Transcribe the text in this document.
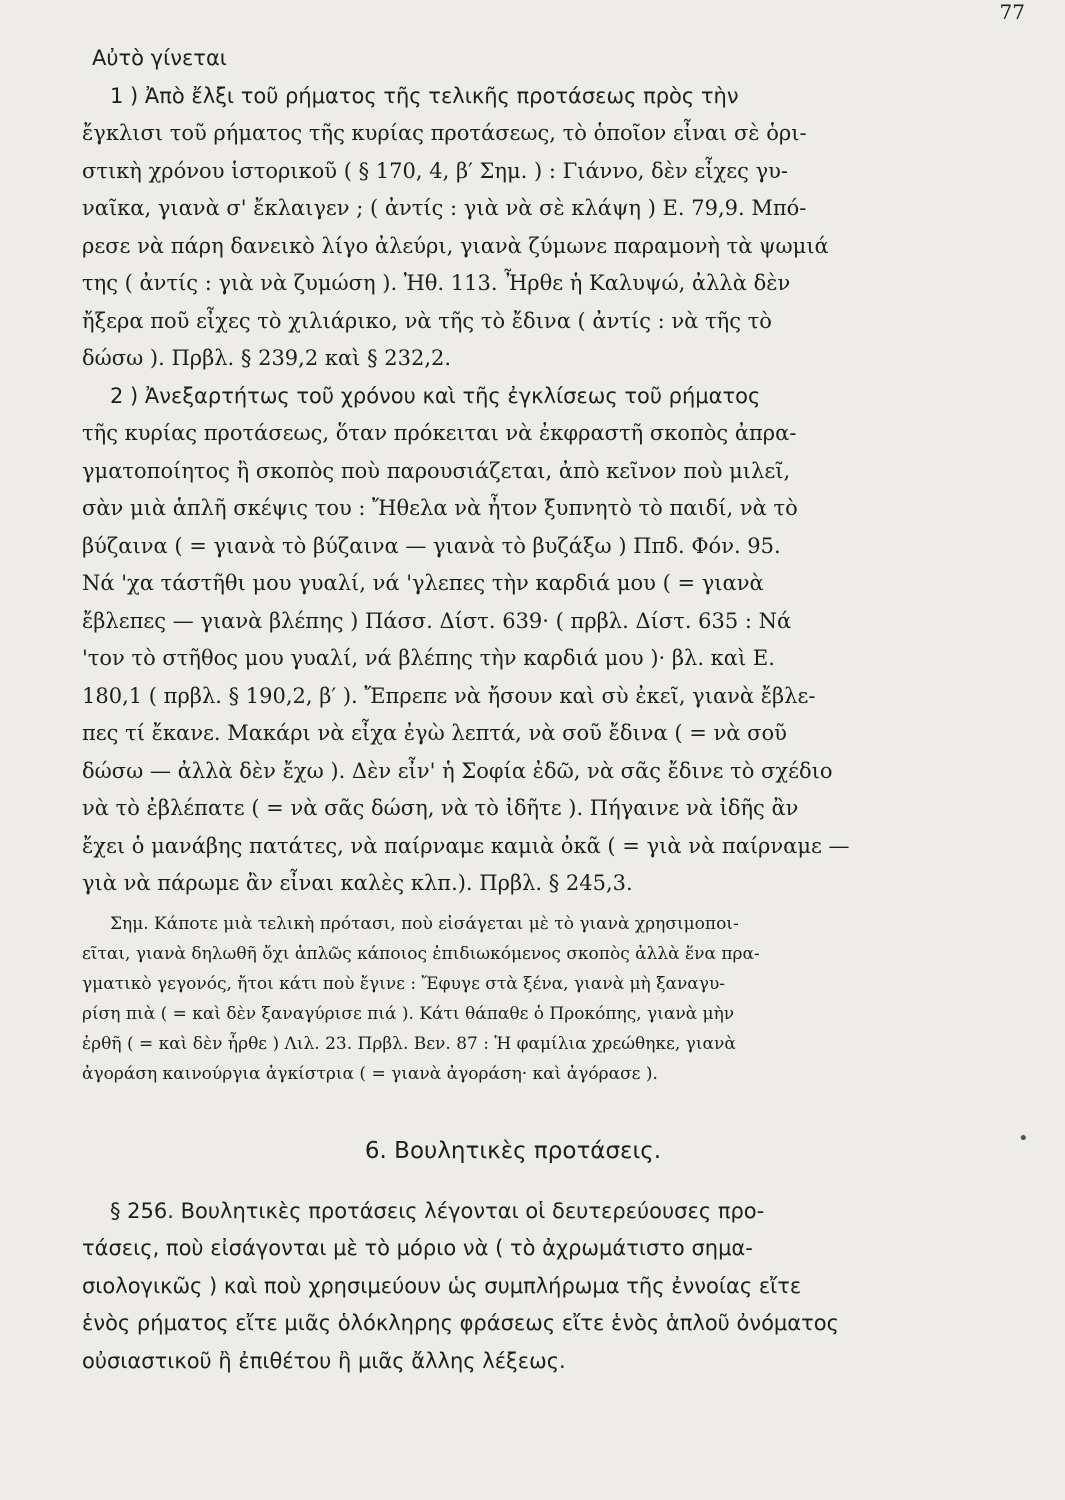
77
Αὐτὸ γίνεται
1 ) Ἀπὸ ἔλξι τοῦ ρήματος τῆς τελικῆς προτάσεως πρὸς τὴν
ἔγκλισι τοῦ ρήματος τῆς κυρίας προτάσεως, τὸ ὁποῖον εἶναι σὲ ὁρι-
στικὴ χρόνου ἱστορικοῦ ( § 170, 4, β′ Σημ. ) : Γιάννο, δὲν εἶχες γυ-
ναῖκα, γιανὰ σ' ἔκλαιγεν ; ( ἀντίς : γιὰ νὰ σὲ κλάψη ) Ε. 79,9. Μπό-
ρεσε νὰ πάρη δανεικὸ λίγο ἀλεύρι, γιανὰ ζύμωνε παραμονὴ τὰ ψωμιά
της ( ἀντίς : γιὰ νὰ ζυμώση ). Ἠθ. 113. Ἦρθε ἡ Καλυψώ, ἀλλὰ δὲν
ἤξερα ποῦ εἶχες τὸ χιλιάρικο, νὰ τῆς τὸ ἔδινα ( ἀντίς : νὰ τῆς τὸ
δώσω ). Πρβλ. § 239,2 καὶ § 232,2.
2 ) Ἀνεξαρτήτως τοῦ χρόνου καὶ τῆς ἐγκλίσεως τοῦ ρήματος
τῆς κυρίας προτάσεως, ὅταν πρόκειται νὰ ἐκφραστῆ σκοπὸς ἀπρα-
γματοποίητος ἢ σκοπὸς ποὺ παρουσιάζεται, ἀπὸ κεῖνον ποὺ μιλεῖ,
σὰν μιὰ ἁπλῆ σκέψις του : Ἤθελα νὰ ἦτον ξυπνητὸ τὸ παιδί, νὰ τὸ
βύζαινα ( = γιανὰ τὸ βύζαινα — γιανὰ τὸ βυζάξω ) Ππδ. Φόν. 95.
Νά 'χα τάστῆθι μου γυαλί, νά 'γλεπες τὴν καρδιά μου ( = γιανὰ
ἔβλεπες — γιανὰ βλέπης ) Πάσσ. Δίστ. 639· ( πρβλ. Δίστ. 635 : Νά
'τον τὸ στῆθος μου γυαλί, νά βλέπης τὴν καρδιά μου )· βλ. καὶ Ε.
180,1 ( πρβλ. § 190,2, β′ ). Ἔπρεπε νὰ ἤσουν καὶ σὺ ἐκεῖ, γιανὰ ἔβλε-
πες τί ἔκανε. Μακάρι νὰ εἶχα ἐγὼ λεπτά, νὰ σοῦ ἔδινα ( = νὰ σοῦ
δώσω — ἀλλὰ δὲν ἔχω ). Δὲν εἶν' ἡ Σοφία ἐδῶ, νὰ σᾶς ἔδινε τὸ σχέδιο
νὰ τὸ ἐβλέπατε ( = νὰ σᾶς δώση, νὰ τὸ ἰδῆτε ). Πήγαινε νὰ ἰδῆς ἂν
ἔχει ὁ μανάβης πατάτες, νὰ παίρναμε καμιὰ ὀκᾶ ( = γιὰ νὰ παίρναμε —
γιὰ νὰ πάρωμε ἂν εἶναι καλὲς κλπ.). Πρβλ. § 245,3.
Σημ. Κάποτε μιὰ τελικὴ πρότασι, ποὺ εἰσάγεται μὲ τὸ γιανὰ χρησιμοποι-
εῖται, γιανὰ δηλωθῆ ὄχι ἁπλῶς κάποιος ἐπιδιωκόμενος σκοπὸς ἀλλὰ ἕνα πρα-
γματικὸ γεγονός, ἤτοι κάτι ποὺ ἔγινε : Ἔφυγε στὰ ξένα, γιανὰ μὴ ξαναγυ-
ρίση πιὰ ( = καὶ δὲν ξαναγύρισε πιά ). Κάτι θάπαθε ὁ Προκόπης, γιανὰ μὴν
ἐρθῆ ( = καὶ δὲν ἦρθε ) Λιλ. 23. Πρβλ. Βεν. 87 : Ἡ φαμίλια χρεώθηκε, γιανὰ
ἀγοράση καινούργια ἀγκίστρια ( = γιανὰ ἀγοράση· καὶ ἀγόρασε ).
6. Βουλητικὲς προτάσεις.
§ 256. Βουλητικὲς προτάσεις λέγονται οἱ δευτερεύουσες προ-
τάσεις, ποὺ εἰσάγονται μὲ τὸ μόριο νὰ ( τὸ ἀχρωμάτιστο σημα-
σιολογικῶς ) καὶ ποὺ χρησιμεύουν ὡς συμπλήρωμα τῆς ἐννοίας εἴτε
ἑνὸς ρήματος εἴτε μιᾶς ὁλόκληρης φράσεως εἴτε ἑνὸς ἁπλοῦ ὀνόματος
οὐσιαστικοῦ ἢ ἐπιθέτου ἢ μιᾶς ἄλλης λέξεως.
•
